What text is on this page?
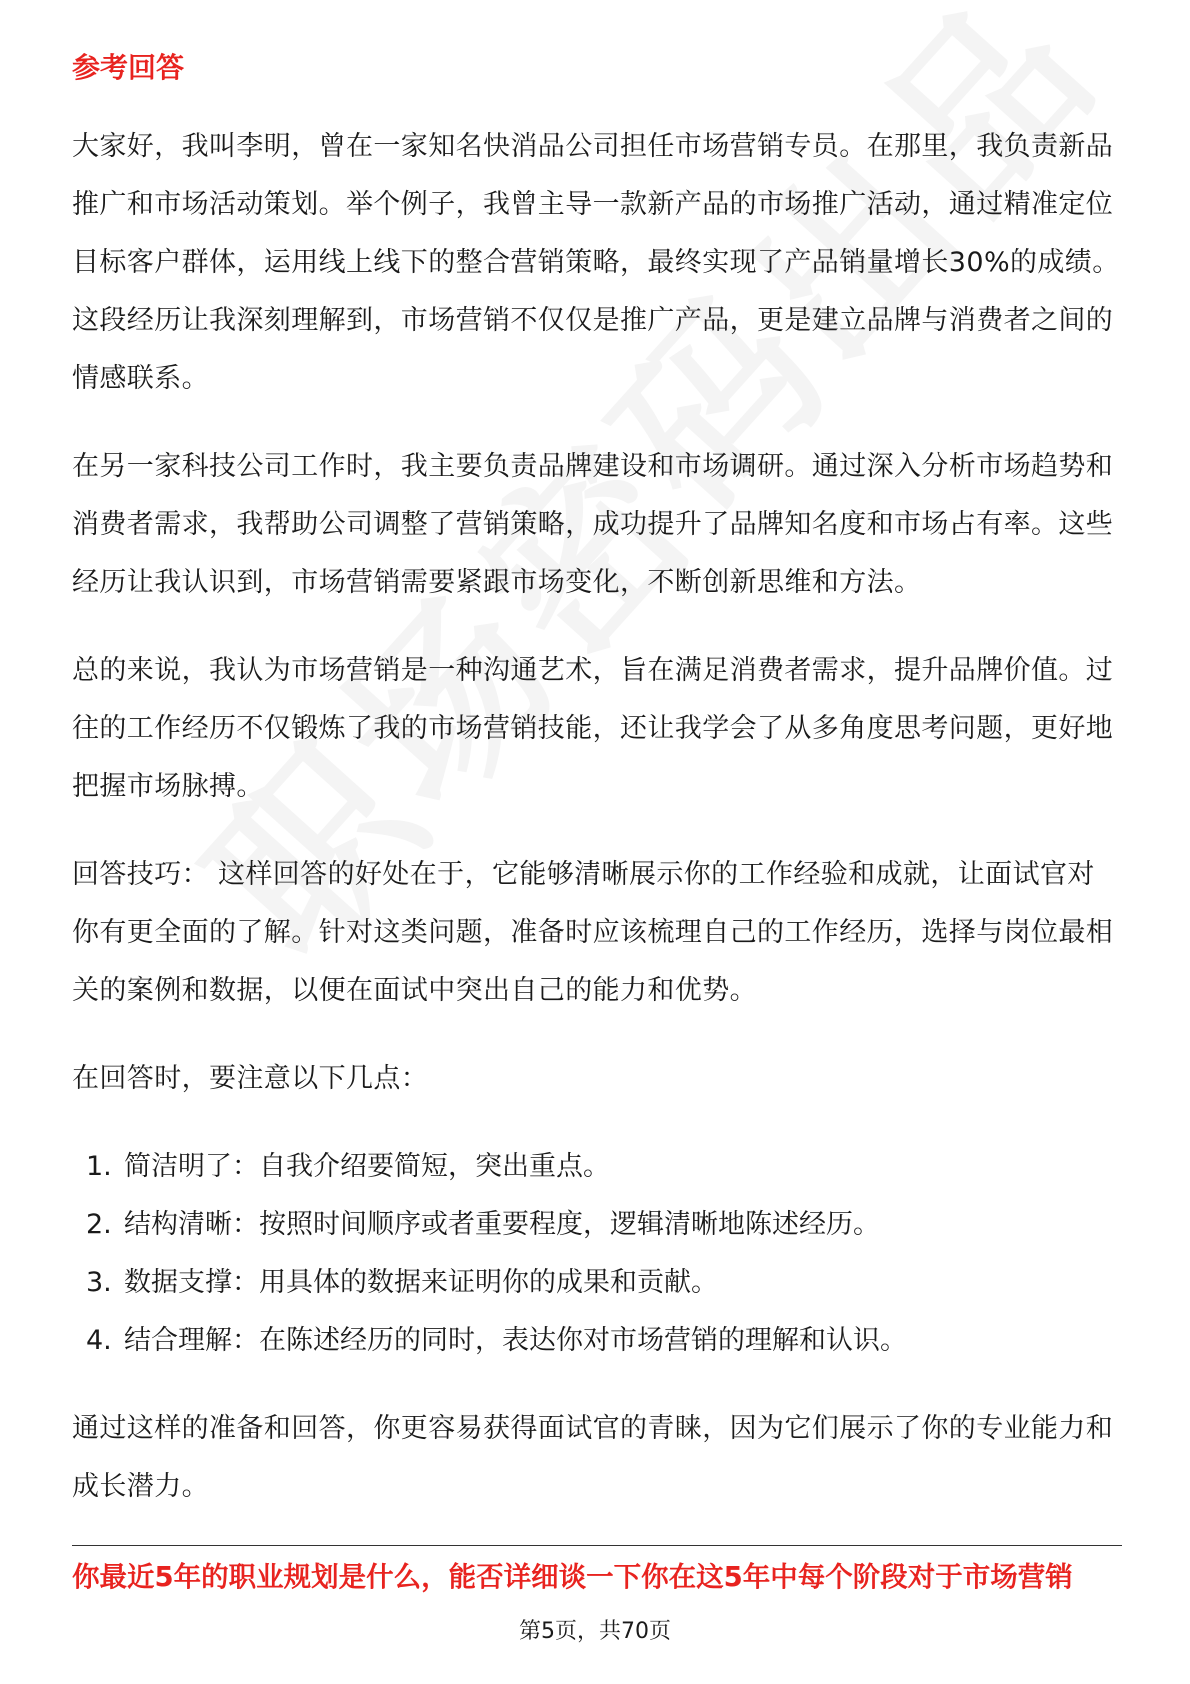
参考回答

大家好，我叫李明，曾在一家知名快消品公司担任市场营销专员。在那里，我负责新品推广和市场活动策划。举个例子，我曾主导一款新产品的市场推广活动，通过精准定位目标客户群体，运用线上线下的整合营销策略，最终实现了产品销量增长30%的成绩。这段经历让我深刻理解到，市场营销不仅仅是推广产品，更是建立品牌与消费者之间的情感联系。

在另一家科技公司工作时，我主要负责品牌建设和市场调研。通过深入分析市场趋势和消费者需求，我帮助公司调整了营销策略，成功提升了品牌知名度和市场占有率。这些经历让我认识到，市场营销需要紧跟市场变化，不断创新思维和方法。

总的来说，我认为市场营销是一种沟通艺术，旨在满足消费者需求，提升品牌价值。过往的工作经历不仅锻炼了我的市场营销技能，还让我学会了从多角度思考问题，更好地把握市场脉搏。

回答技巧： 这样回答的好处在于，它能够清晰展示你的工作经验和成就，让面试官对你有更全面的了解。针对这类问题，准备时应该梳理自己的工作经历，选择与岗位最相关的案例和数据，以便在面试中突出自己的能力和优势。

在回答时，要注意以下几点：

1. 简洁明了：自我介绍要简短，突出重点。
2. 结构清晰：按照时间顺序或者重要程度，逻辑清晰地陈述经历。
3. 数据支撑：用具体的数据来证明你的成果和贡献。
4. 结合理解：在陈述经历的同时，表达你对市场营销的理解和认识。

通过这样的准备和回答，你更容易获得面试官的青睐，因为它们展示了你的专业能力和成长潜力。

你最近5年的职业规划是什么，能否详细谈一下你在这5年中每个阶段对于市场营销
第5页，共70页
